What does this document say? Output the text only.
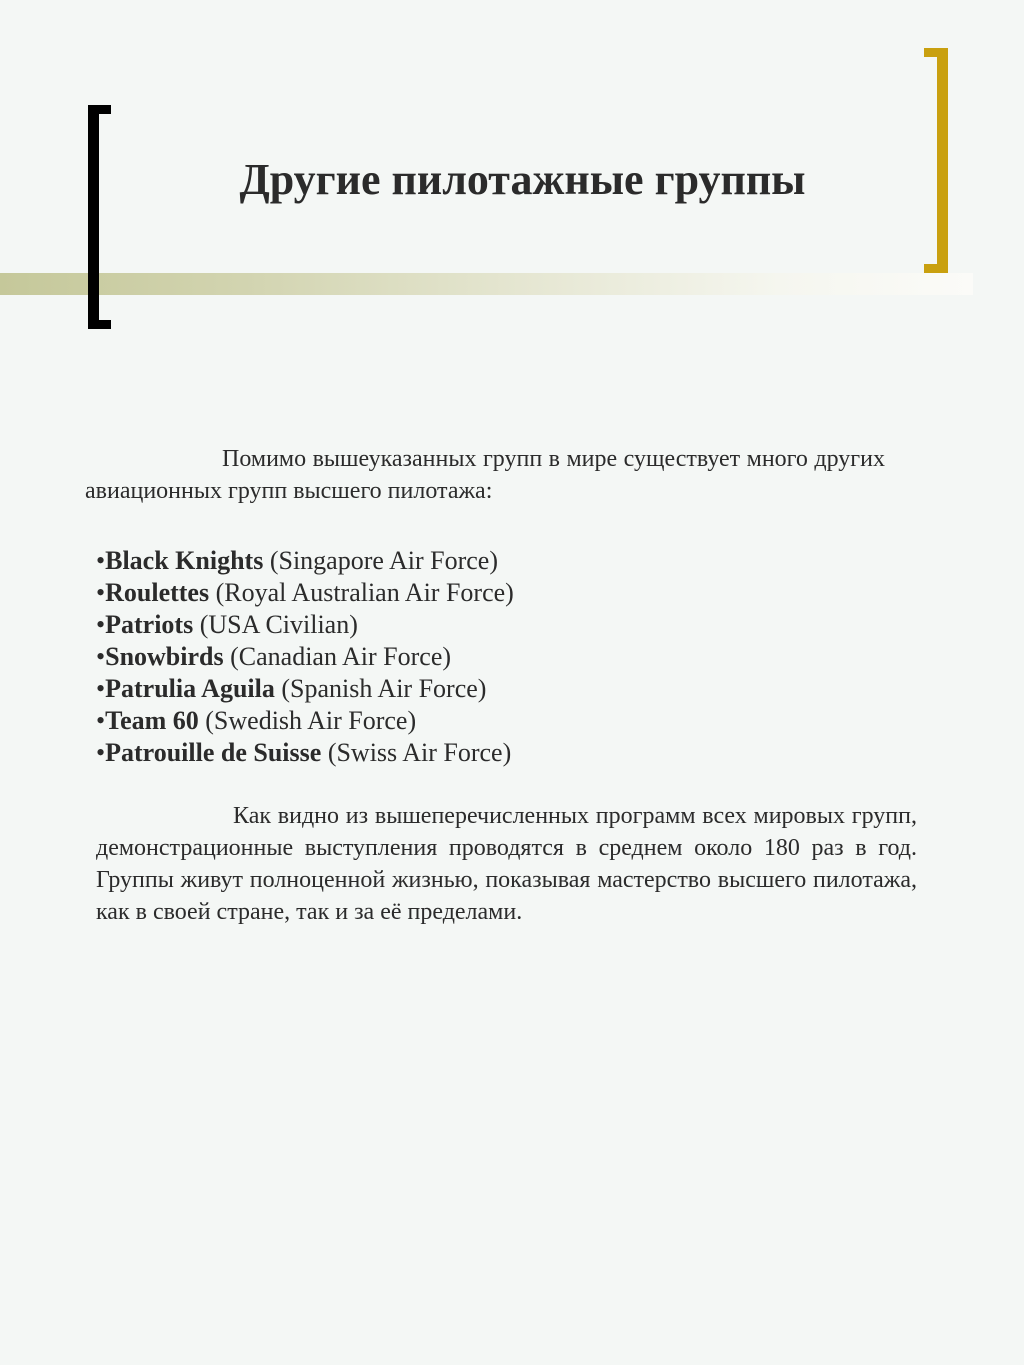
Другие пилотажные группы

Помимо вышеуказанных групп в мире существует много других авиационных групп высшего пилотажа:

•Black Knights (Singapore Air Force)
•Roulettes (Royal Australian Air Force)
•Patriots (USA Civilian)
•Snowbirds (Canadian Air Force)
•Patrulia Aguila (Spanish Air Force)
•Team 60 (Swedish Air Force)
•Patrouille de Suisse (Swiss Air Force)

Как видно из вышеперечисленных программ всех мировых групп, демонстрационные выступления проводятся в среднем около 180 раз в год. Группы живут полноценной жизнью, показывая мастерство высшего пилотажа, как в своей стране, так и за её пределами.
